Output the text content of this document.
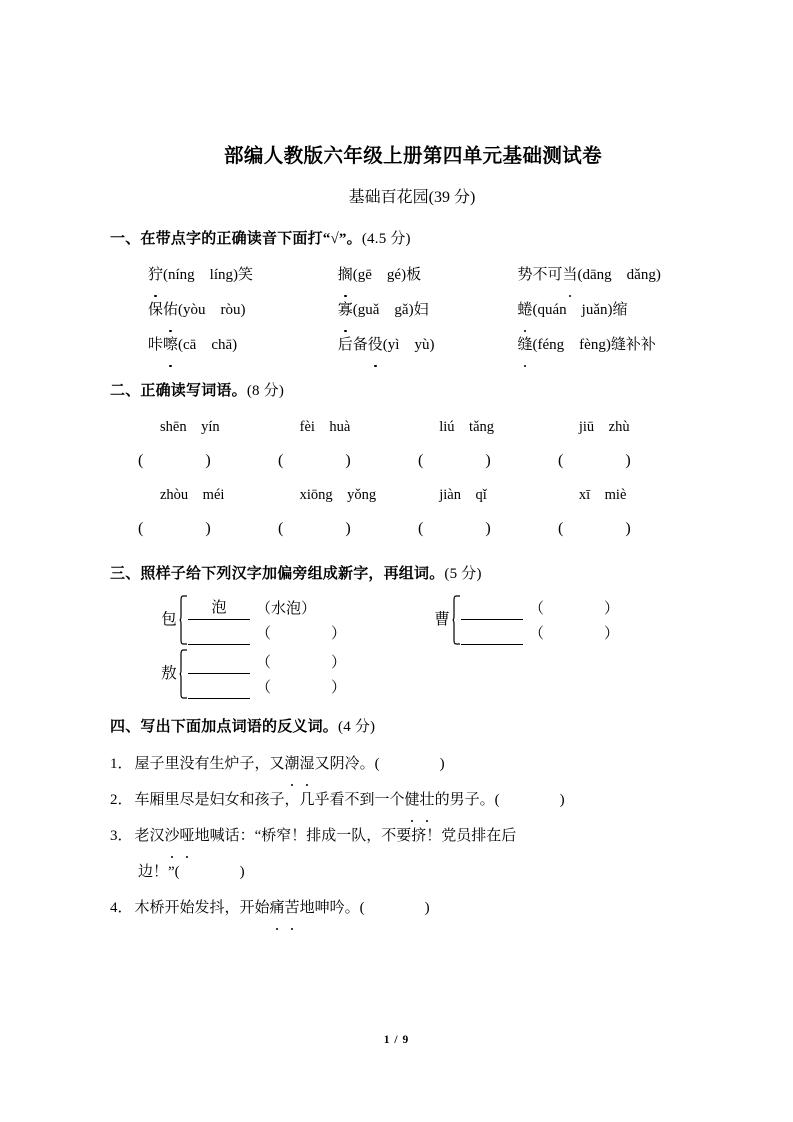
部编人教版六年级上册第四单元基础测试卷
基础百花园(39 分)
一、在带点字的正确读音下面打“√”。(4.5 分)
狞(níng　líng)笑	搁(gē　gé)板	势不可当(dāng　dǎng)
保佑(yòu　ròu)	寡(guǎ　gǎ)妇	蜷(quán　juǎn)缩
咔嚓(cā　chā)	后备役(yì　yù)	缝(féng　fèng)缝补补
二、正确读写词语。(8 分)
shēn　yín	fèi　huà	liú　tǎng	jiū　zhù
(	)	(	)	(	)	(	)
zhòu　méi	xiōng　yǒng	jiàn　qǐ	xī　miè
(	)	(	)	(	)	(	)
三、照样子给下列汉字加偏旁组成新字，再组词。(5 分)
包
泡	（水泡）
（　　　　）
曹
（　　　　）
（　　　　）
敖
（　　　　）
（　　　　）
四、写出下面加点词语的反义词。(4 分)
1． 屋子里没有生炉子，又潮湿又阴冷。(　　　　)
2． 车厢里尽是妇女和孩子，几乎看不到一个健壮的男子。(　　　　)
3． 老汉沙哑地喊话：“桥窄！排成一队，不要挤！党员排在后
边！”(　　　　)
4． 木桥开始发抖，开始痛苦地呻吟。(　　　　)
1 / 9
